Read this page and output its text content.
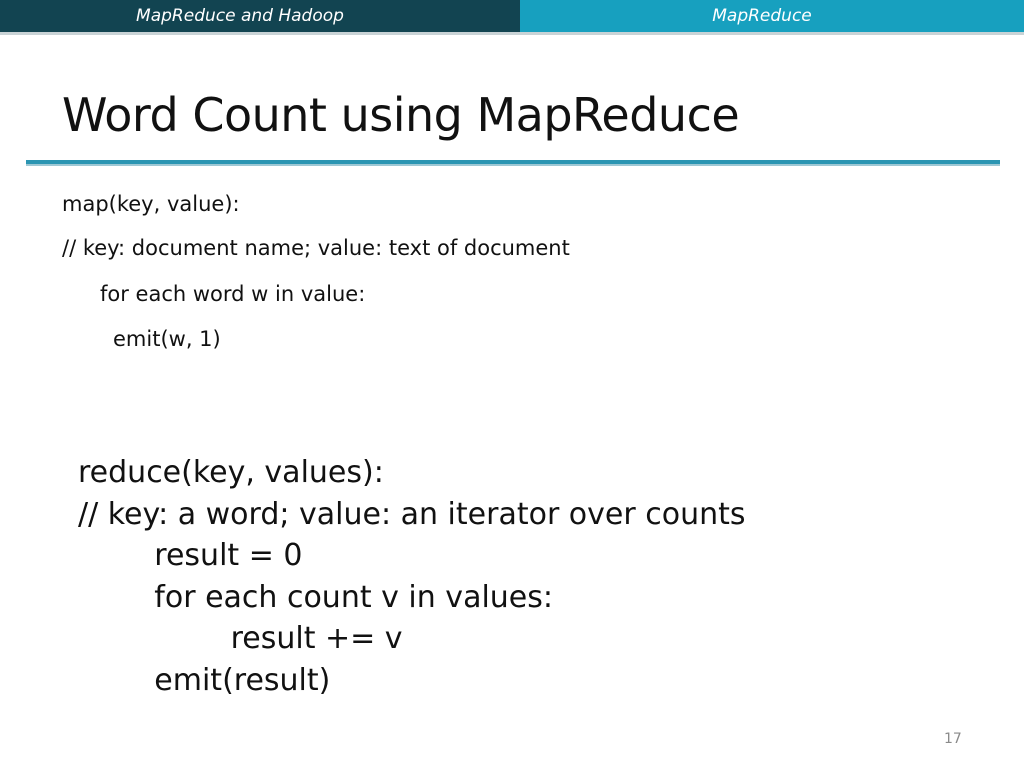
MapReduce and Hadoop	MapReduce
Word Count using MapReduce
map(key, value):
// key: document name; value: text of document
for each word w in value:
emit(w, 1)
reduce(key, values):
// key: a word; value: an iterator over counts
result = 0
for each count v in values:
result += v
emit(result)
17
